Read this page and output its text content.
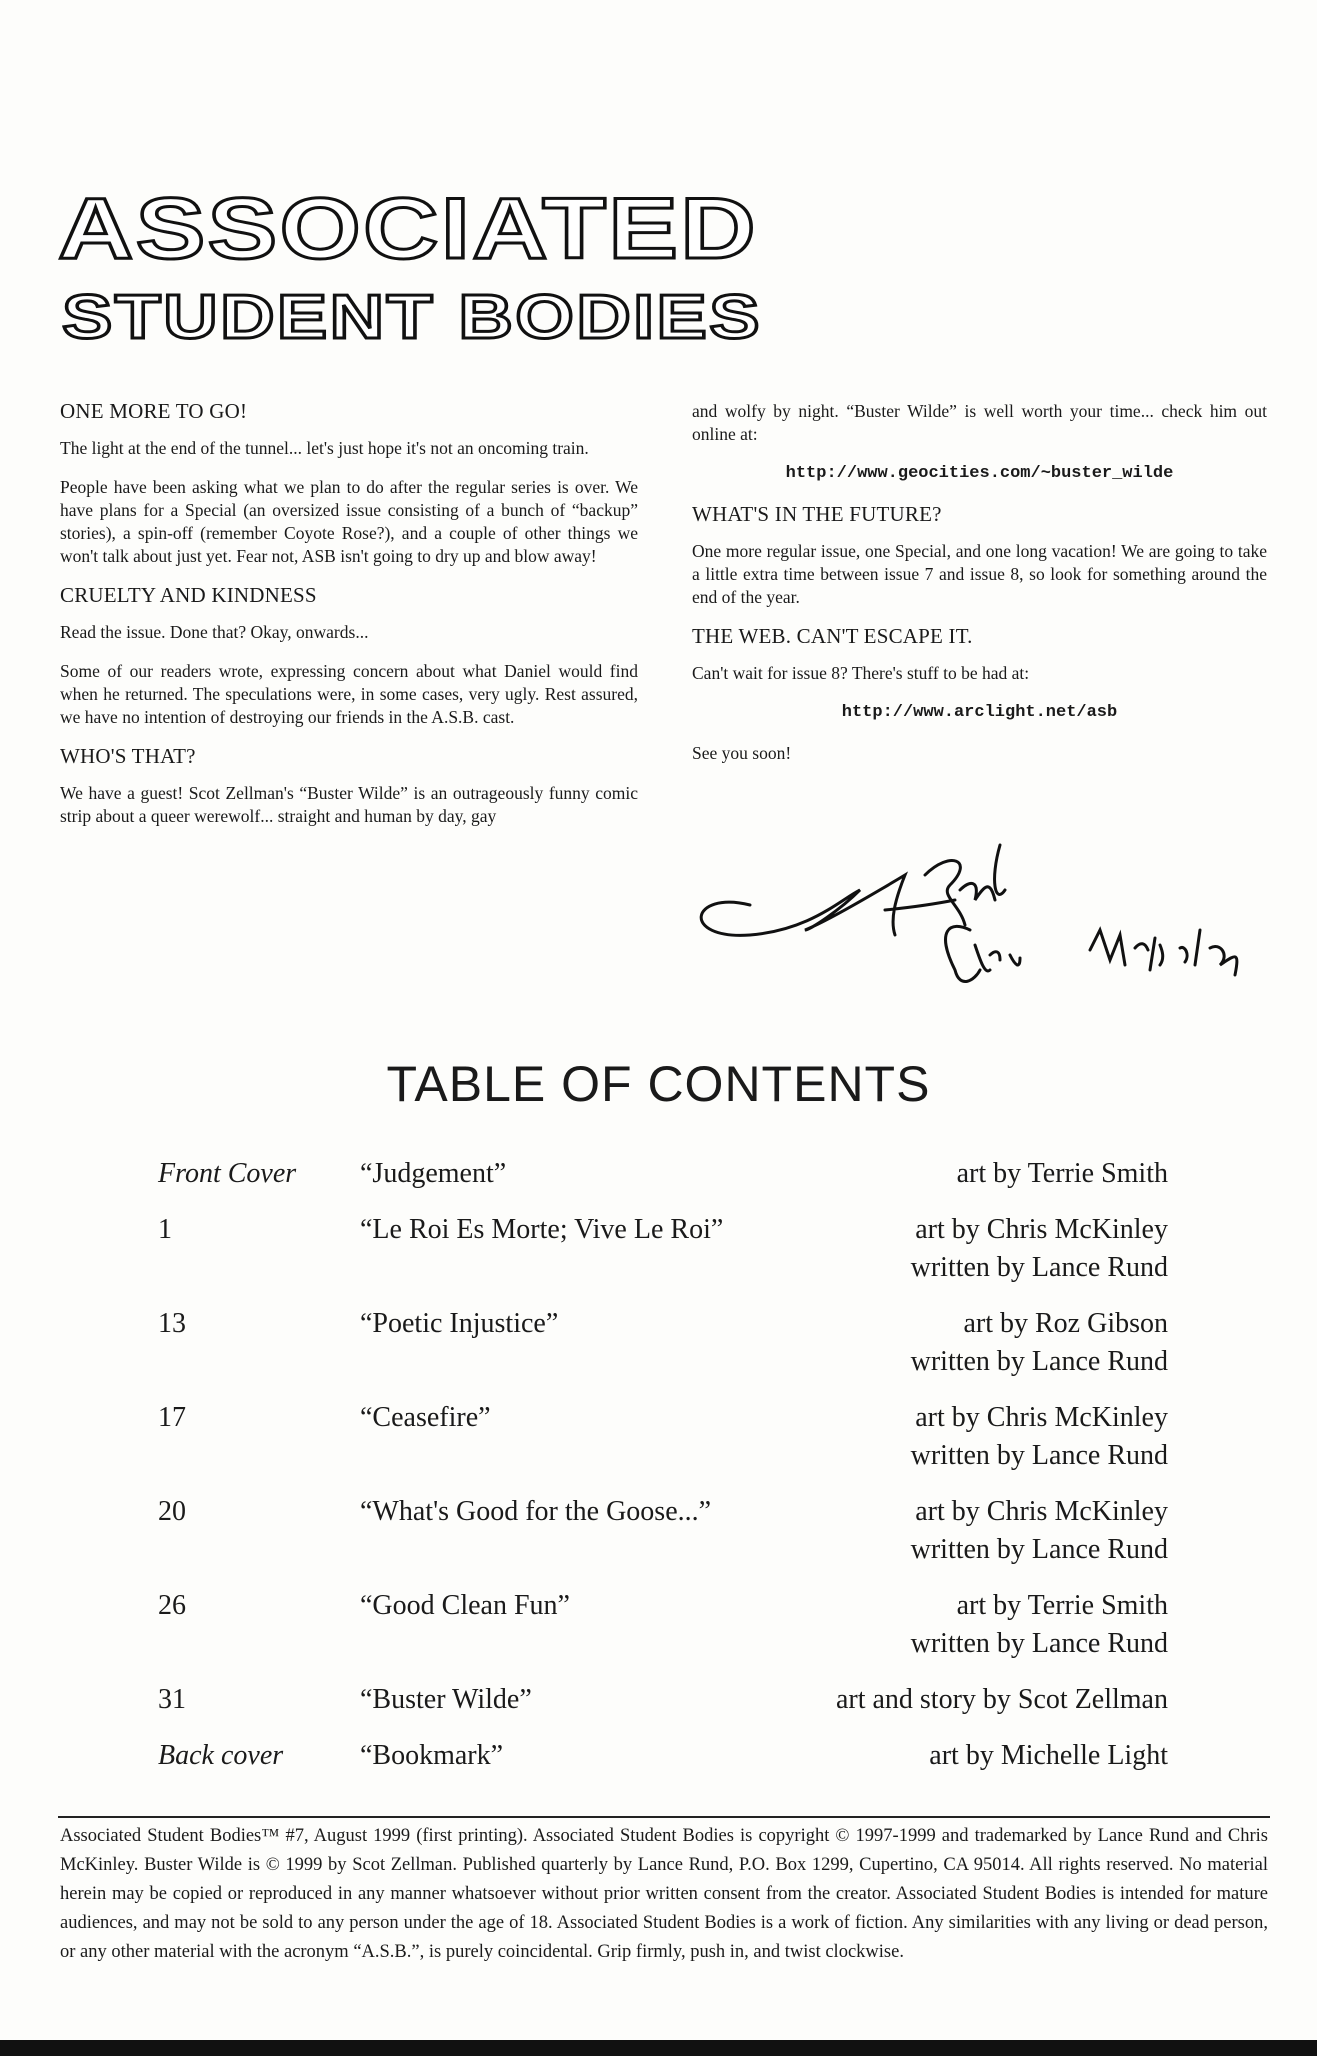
ASSOCIATED
STUDENT BODIES
ONE MORE TO GO!

The light at the end of the tunnel... let's just hope it's not an oncoming train.

People have been asking what we plan to do after the regular series is over. We have plans for a Special (an oversized issue consisting of a bunch of “backup” stories), a spin-off (remember Coyote Rose?), and a couple of other things we won't talk about just yet. Fear not, ASB isn't going to dry up and blow away!

CRUELTY AND KINDNESS

Read the issue. Done that? Okay, onwards...

Some of our readers wrote, expressing concern about what Daniel would find when he returned. The speculations were, in some cases, very ugly. Rest assured, we have no intention of destroying our friends in the A.S.B. cast.

WHO'S THAT?

We have a guest! Scot Zellman's “Buster Wilde” is an outrageously funny comic strip about a queer werewolf... straight and human by day, gay

and wolfy by night. “Buster Wilde” is well worth your time... check him out online at:

http://www.geocities.com/~buster_wilde
WHAT'S IN THE FUTURE?

One more regular issue, one Special, and one long vacation! We are going to take a little extra time between issue 7 and issue 8, so look for something around the end of the year.

THE WEB. CAN'T ESCAPE IT.

Can't wait for issue 8? There's stuff to be had at:

http://www.arclight.net/asb

See you soon!

TABLE OF CONTENTS
Front Cover	“Judgement”	art by Terrie Smith
1	“Le Roi Es Morte; Vive Le Roi”	art by Chris McKinley
written by Lance Rund
13	“Poetic Injustice”	art by Roz Gibson
written by Lance Rund
17	“Ceasefire”	art by Chris McKinley
written by Lance Rund
20	“What's Good for the Goose...”	art by Chris McKinley
written by Lance Rund
26	“Good Clean Fun”	art by Terrie Smith
written by Lance Rund
31	“Buster Wilde”	art and story by Scot Zellman
Back cover	“Bookmark”	art by Michelle Light
Associated Student Bodies™ #7, August 1999 (first printing). Associated Student Bodies is copyright © 1997-1999 and trademarked by Lance Rund and Chris McKinley. Buster Wilde is © 1999 by Scot Zellman. Published quarterly by Lance Rund, P.O. Box 1299, Cupertino, CA 95014. All rights reserved. No material herein may be copied or reproduced in any manner whatsoever without prior written consent from the creator. Associated Student Bodies is intended for mature audiences, and may not be sold to any person under the age of 18. Associated Student Bodies is a work of fiction. Any similarities with any living or dead person, or any other material with the acronym “A.S.B.”, is purely coincidental. Grip firmly, push in, and twist clockwise.
